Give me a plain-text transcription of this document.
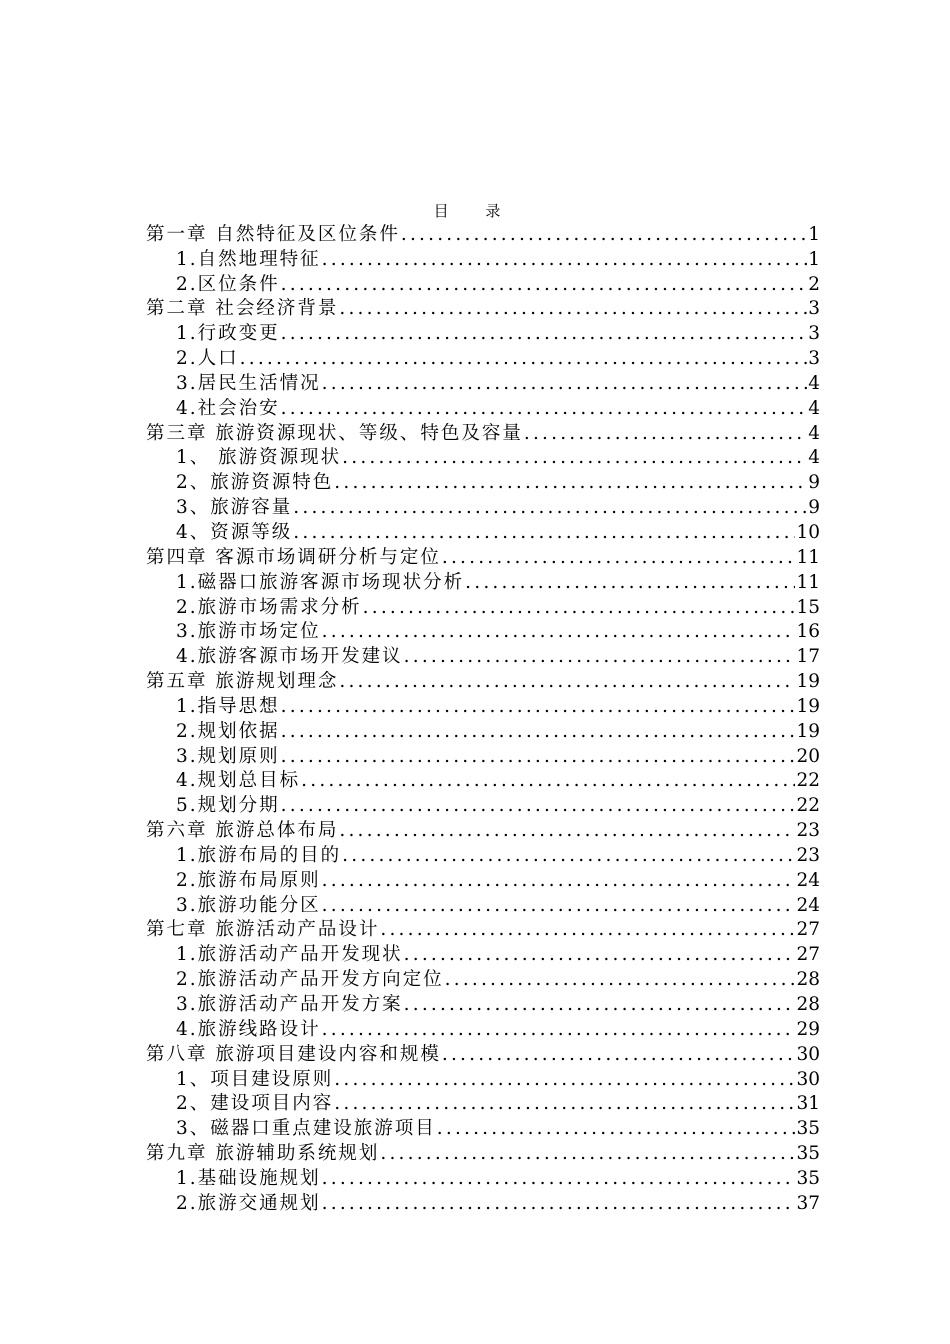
目 录
第一章 自然特征及区位条件 .....	1
1.自然地理特征 .....	1
2.区位条件 .....	2
第二章 社会经济背景 .....	3
1.行政变更 .....	3
2.人口 .....	3
3.居民生活情况 .....	4
4.社会治安 .....	4
第三章 旅游资源现状、等级、特色及容量 .....	4
1、 旅游资源现状 .....	4
2、旅游资源特色 .....	9
3、旅游容量 .....	9
4、资源等级 .....	10
第四章 客源市场调研分析与定位 .....	11
1.磁器口旅游客源市场现状分析 .....	11
2.旅游市场需求分析 .....	15
3.旅游市场定位 .....	16
4.旅游客源市场开发建议 .....	17
第五章 旅游规划理念 .....	19
1.指导思想 .....	19
2.规划依据 .....	19
3.规划原则 .....	20
4.规划总目标 .....	22
5.规划分期 .....	22
第六章 旅游总体布局 .....	23
1.旅游布局的目的 .....	23
2.旅游布局原则 .....	24
3.旅游功能分区 .....	24
第七章 旅游活动产品设计 .....	27
1.旅游活动产品开发现状 .....	27
2.旅游活动产品开发方向定位 .....	28
3.旅游活动产品开发方案 .....	28
4.旅游线路设计 .....	29
第八章 旅游项目建设内容和规模 .....	30
1、项目建设原则 .....	30
2、建设项目内容 .....	31
3、磁器口重点建设旅游项目 .....	35
第九章 旅游辅助系统规划 .....	35
1.基础设施规划 .....	35
2.旅游交通规划 .....	37
